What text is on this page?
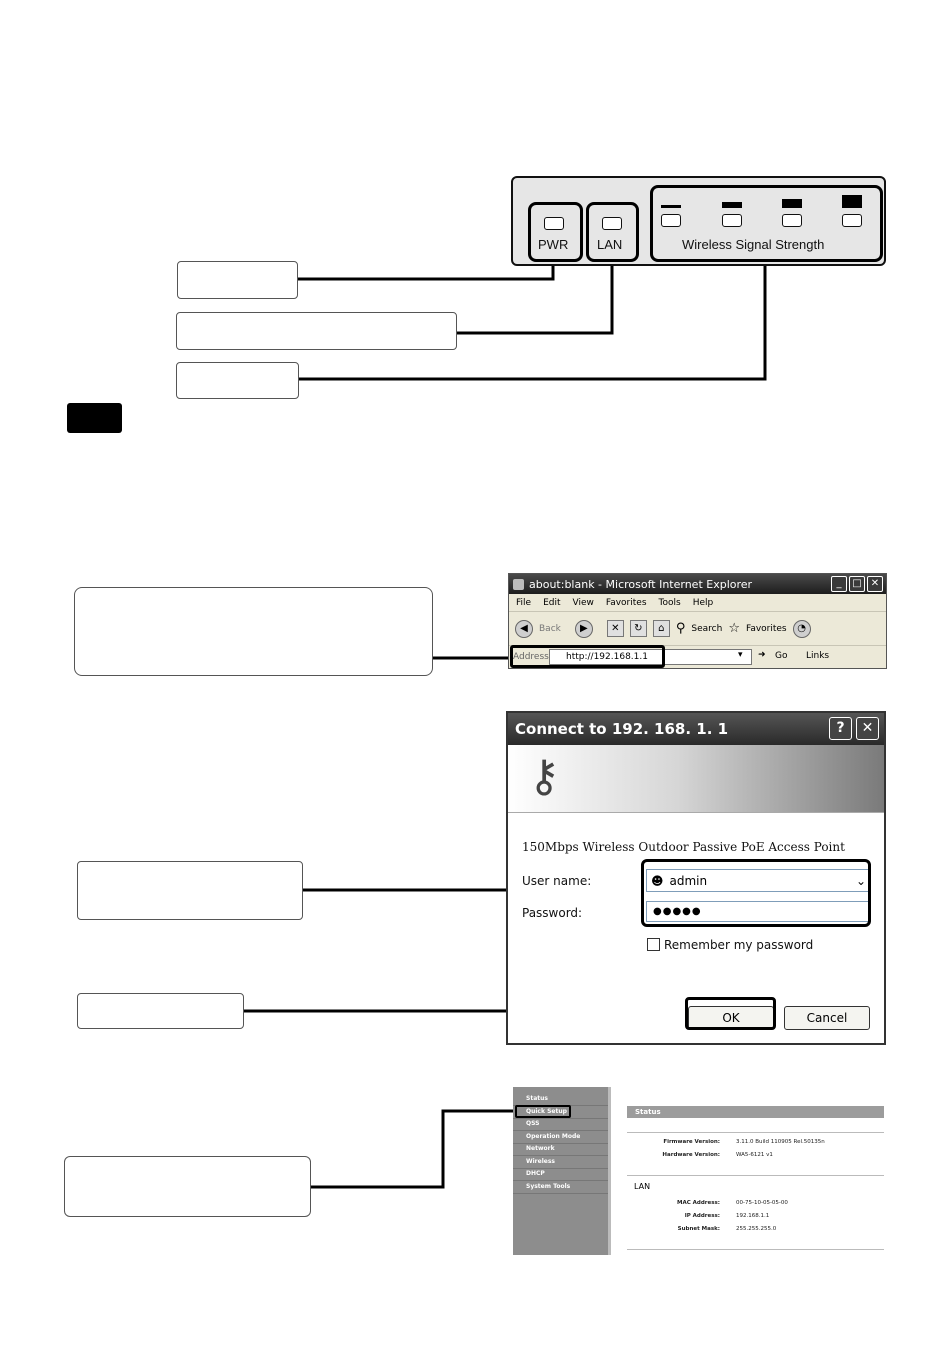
PWR LAN	Wireless Signal Strength
about:blank - Microsoft Internet Explorer	_	□ ✕
File Edit View Favorites Tools Help
◀	Back	▶	✕	↻	⌂ ⚲ Search ☆ Favorites	◔
Address	http://192.168.1.1	▾ ➜ Go Links
Connect to 192. 168. 1. 1	?	✕
⚷
150Mbps Wireless Outdoor Passive PoE Access Point
User name:	☻ admin	⌄
Password:	●●●●●
Remember my password
OK	Cancel
Status
Quick Setup
QSS
Operation Mode
Network
Wireless
DHCP
System Tools
Status
Firmware Version:	3.11.0 Build 110905 Rel.50135n
Hardware Version:	WA5-6121 v1
LAN
MAC Address:	00-75-10-05-05-00
IP Address:	192.168.1.1
Subnet Mask:	255.255.255.0
